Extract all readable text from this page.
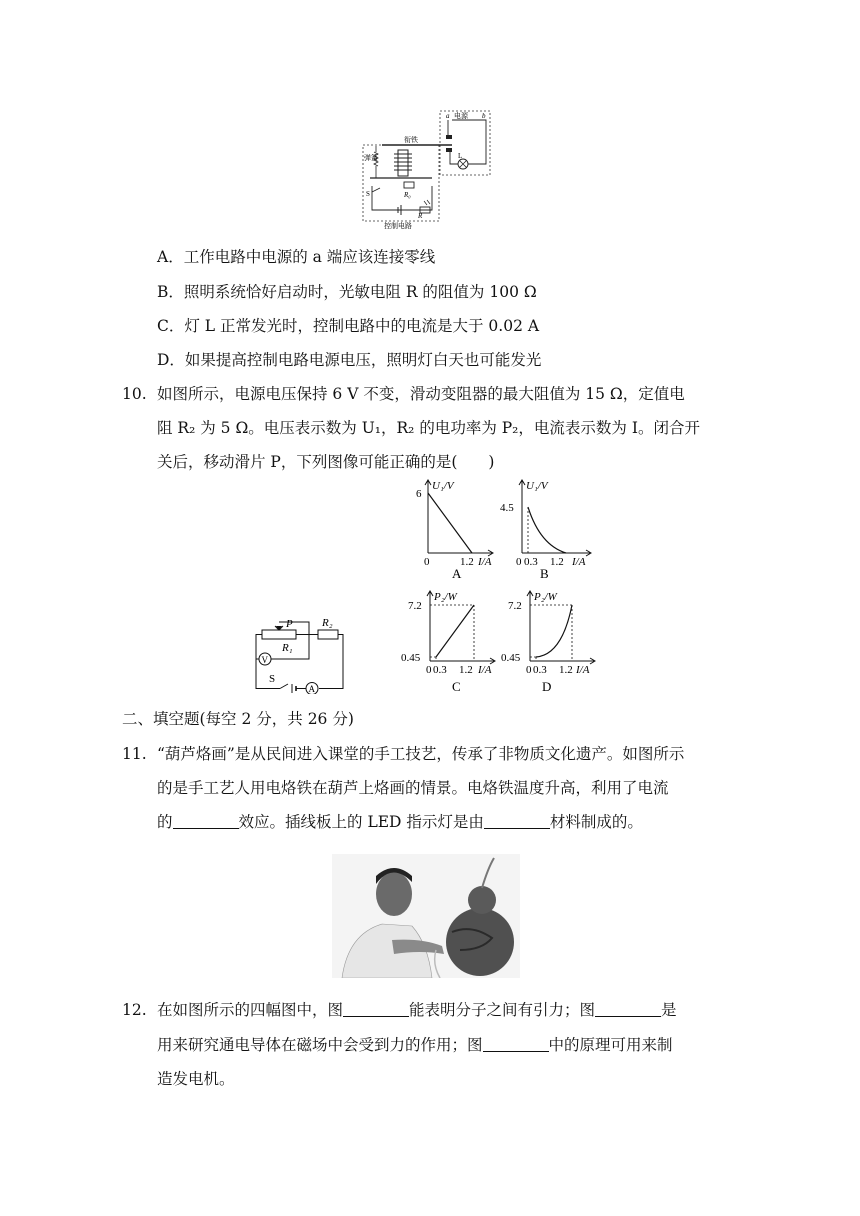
衔铁
弹簧
电源
a	b
L
S	R₀
R
控制电路
A．工作电路中电源的 a 端应该连接零线
B．照明系统恰好启动时，光敏电阻 R 的阻值为 100 Ω
C．灯 L 正常发光时，控制电路中的电流是大于 0.02 A
D．如果提高控制电路电源电压，照明灯白天也可能发光
10. 如图所示，电源电压保持 6 V 不变，滑动变阻器的最大阻值为 15 Ω，定值电
阻 R₂ 为 5 Ω。电压表示数为 U₁，R₂ 的电功率为 P₂，电流表示数为 I。闭合开
关后，移动滑片 P，下列图像可能正确的是(　　)
P	R₂
R₁
V
A
S
U₁/V
6
0	1.2 I/A
A
U₁/V
4.5
0 0.3 1.2 I/A
B
P₂/W
7.2
0.45
0 0.3 1.2 I/A
C
P₂/W
7.2
0.45
0 0.3 1.2 I/A
D
二、填空题(每空 2 分，共 26 分)
11. “葫芦烙画”是从民间进入课堂的手工技艺，传承了非物质文化遗产。如图所示
的是手工艺人用电烙铁在葫芦上烙画的情景。电烙铁温度升高，利用了电流
的	效应。插线板上的 LED 指示灯是由	材料制成的。
12. 在如图所示的四幅图中，图	能表明分子之间有引力；图	是
用来研究通电导体在磁场中会受到力的作用；图	中的原理可用来制
造发电机。
